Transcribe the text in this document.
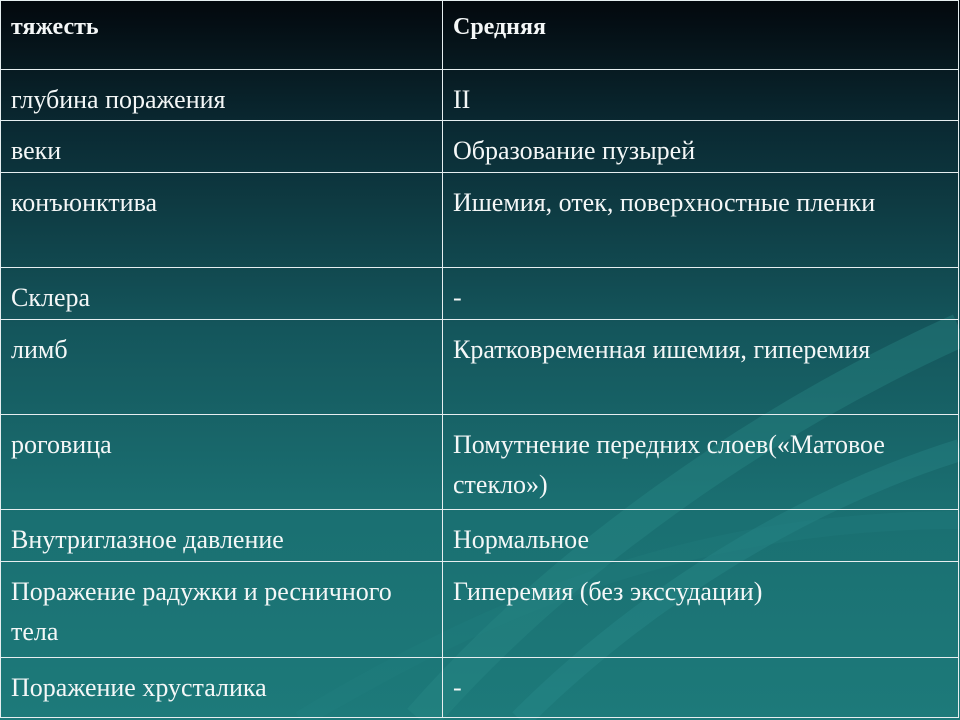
тяжесть	Средняя
глубина поражения	II
веки	Образование пузырей
конъюнктива	Ишемия, отек, поверхностные пленки
Склера	-
лимб	Кратковременная ишемия, гиперемия
роговица	Помутнение передних слоев(«Матовое стекло»)
Внутриглазное давление	Нормальное
Поражение радужки и ресничного тела	Гиперемия (без экссудации)
Поражение хрусталика	-
